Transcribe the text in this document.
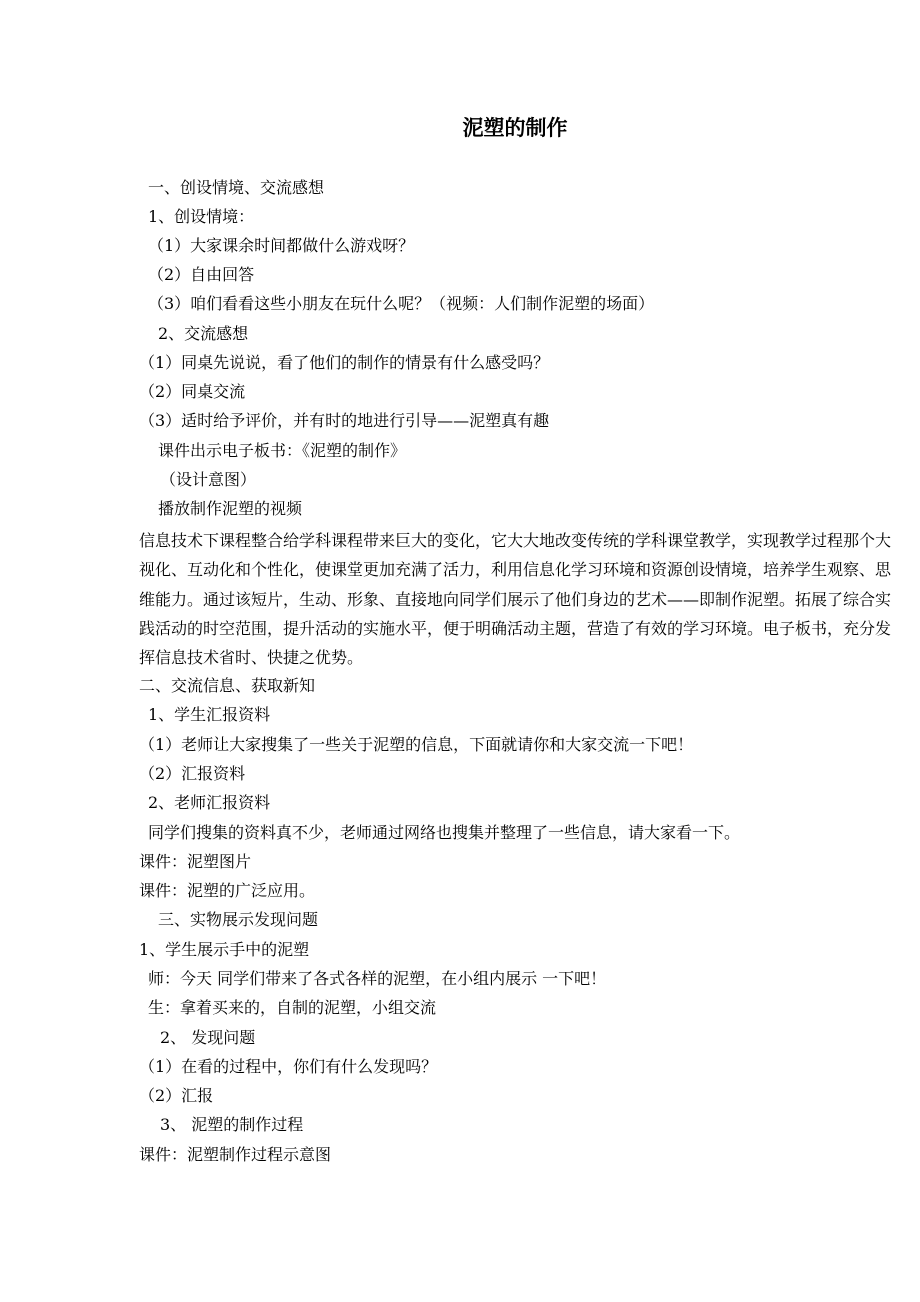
泥塑的制作
一、创设情境、交流感想
1、创设情境：
（1）大家课余时间都做什么游戏呀？
（2）自由回答
（3）咱们看看这些小朋友在玩什么呢？（视频：人们制作泥塑的场面）
2、交流感想
（1）同桌先说说，看了他们的制作的情景有什么感受吗？
（2）同桌交流
（3）适时给予评价，并有时的地进行引导——泥塑真有趣
课件出示电子板书：《泥塑的制作》
（设计意图）
播放制作泥塑的视频
信息技术下课程整合给学科课程带来巨大的变化，它大大地改变传统的学科课堂教学，实现教学过程那个大视化、互动化和个性化，使课堂更加充满了活力，利用信息化学习环境和资源创设情境，培养学生观察、思维能力。通过该短片，生动、形象、直接地向同学们展示了他们身边的艺术——即制作泥塑。拓展了综合实践活动的时空范围，提升活动的实施水平，便于明确活动主题，营造了有效的学习环境。电子板书，充分发挥信息技术省时、快捷之优势。
二、交流信息、获取新知
1、学生汇报资料
（1）老师让大家搜集了一些关于泥塑的信息，下面就请你和大家交流一下吧！
（2）汇报资料
2、老师汇报资料
同学们搜集的资料真不少，老师通过网络也搜集并整理了一些信息，请大家看一下。
课件：泥塑图片
课件：泥塑的广泛应用。
三、实物展示发现问题
1、学生展示手中的泥塑
师：今天 同学们带来了各式各样的泥塑，在小组内展示 一下吧！
生：拿着买来的，自制的泥塑，小组交流
2、 发现问题
（1）在看的过程中，你们有什么发现吗？
（2）汇报
3、 泥塑的制作过程
课件：泥塑制作过程示意图
